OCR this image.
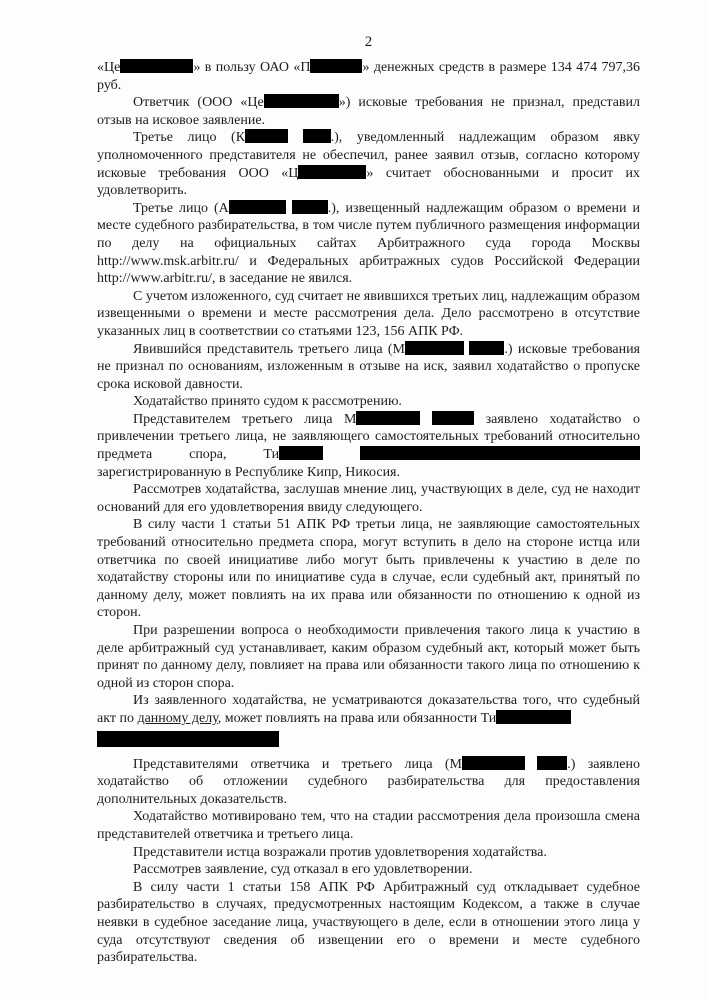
2

«Це	» в пользу ОАО «П	» денежных средств в размере 134 474 797,36 руб.

Ответчик (ООО «Це	») исковые требования не признал, представил отзыв на исковое заявление.

Третье лицо (К	.), уведомленный надлежащим образом явку уполномоченного представителя не обеспечил, ранее заявил отзыв, согласно которому исковые требования ООО «Ц	» считает обоснованными и просит их удовлетворить.

Третье лицо (А	.), извещенный надлежащим образом о времени и месте судебного разбирательства, в том числе путем публичного размещения информации по делу на официальных сайтах Арбитражного суда города Москвы http://www.msk.arbitr.ru/ и Федеральных арбитражных судов Российской Федерации http://www.arbitr.ru/, в заседание не явился.

С учетом изложенного, суд считает не явившихся третьих лиц, надлежащим образом извещенными о времени и месте рассмотрения дела. Дело рассмотрено в отсутствие указанных лиц в соответствии со статьями 123, 156 АПК РФ.

Явившийся представитель третьего лица (М	.) исковые требования не признал по основаниям, изложенным в отзыве на иск, заявил ходатайство о пропуске срока исковой давности.

Ходатайство принято судом к рассмотрению.

Представителем третьего лица М	заявлено ходатайство о привлечении третьего лица, не заявляющего самостоятельных требований относительно предмета спора, Ти  зарегистрированную в Республике Кипр, Никосия.

Рассмотрев ходатайства, заслушав мнение лиц, участвующих в деле, суд не находит оснований для его удовлетворения ввиду следующего.

В силу части 1 статьи 51 АПК РФ третьи лица, не заявляющие самостоятельных требований относительно предмета спора, могут вступить в дело на стороне истца или ответчика по своей инициативе либо могут быть привлечены к участию в деле по ходатайству стороны или по инициативе суда в случае, если судебный акт, принятый по данному делу, может повлиять на их права или обязанности по отношению к одной из сторон.

При разрешении вопроса о необходимости привлечения такого лица к участию в деле арбитражный суд устанавливает, каким образом судебный акт, который может быть принят по данному делу, повлияет на права или обязанности такого лица по отношению к одной из сторон спора.

Из заявленного ходатайства, не усматриваются доказательства того, что судебный акт по данному делу, может повлиять на права или обязанности Ти

Представителями ответчика и третьего лица (М	.) заявлено ходатайство об отложении судебного разбирательства для предоставления дополнительных доказательств.

Ходатайство мотивировано тем, что на стадии рассмотрения дела произошла смена представителей ответчика и третьего лица.

Представители истца возражали против удовлетворения ходатайства.

Рассмотрев заявление, суд отказал в его удовлетворении.

В силу части 1 статьи 158 АПК РФ Арбитражный суд откладывает судебное разбирательство в случаях, предусмотренных настоящим Кодексом, а также в случае неявки в судебное заседание лица, участвующего в деле, если в отношении этого лица у суда отсутствуют сведения об извещении его о времени и месте судебного разбирательства.
